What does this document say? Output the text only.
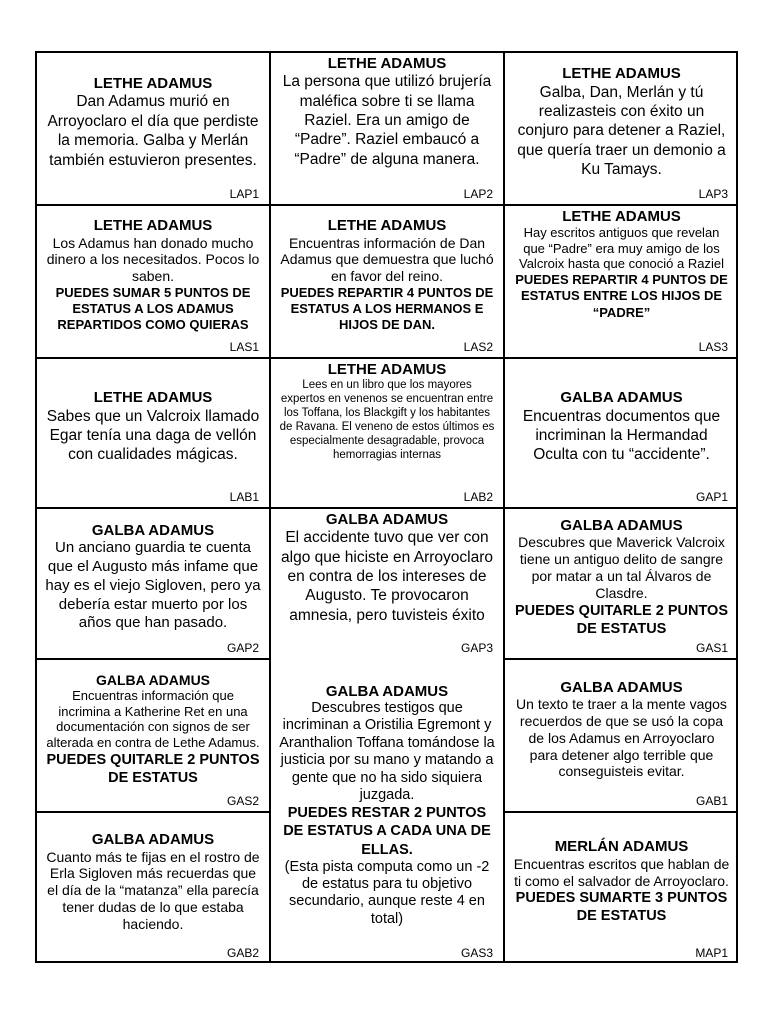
LETHE ADAMUS
Dan Adamus murió en Arroyoclaro el día que perdiste la memoria. Galba y Merlán también estuvieron presentes.
LAP1
LETHE ADAMUS
La persona que utilizó brujería maléfica sobre ti se llama Raziel. Era un amigo de “Padre”. Raziel embaucó a “Padre” de alguna manera.
LAP2
LETHE ADAMUS
Galba, Dan, Merlán y tú realizasteis con éxito un conjuro para detener a Raziel, que quería traer un demonio a Ku Tamays.
LAP3
LETHE ADAMUS
Los Adamus han donado mucho dinero a los necesitados. Pocos lo saben.
PUEDES SUMAR 5 PUNTOS DE ESTATUS A LOS ADAMUS REPARTIDOS COMO QUIERAS
LAS1
LETHE ADAMUS
Encuentras información de Dan Adamus que demuestra que luchó en favor del reino.
PUEDES REPARTIR 4 PUNTOS DE ESTATUS A LOS HERMANOS E HIJOS DE DAN.
LAS2
LETHE ADAMUS
Hay escritos antiguos que revelan que “Padre” era muy amigo de los Valcroix hasta que conoció a Raziel
PUEDES REPARTIR 4 PUNTOS DE ESTATUS ENTRE LOS HIJOS DE “PADRE”
LAS3
LETHE ADAMUS
Sabes que un Valcroix llamado Egar tenía una daga de vellón con cualidades mágicas.
LAB1
LETHE ADAMUS
Lees en un libro que los mayores expertos en venenos se encuentran entre los Toffana, los Blackgift y los habitantes de Ravana. El veneno de estos últimos es especialmente desagradable, provoca hemorragias internas
LAB2
GALBA ADAMUS
Encuentras documentos que incriminan la Hermandad Oculta con tu “accidente”.
GAP1
GALBA ADAMUS
Un anciano guardia te cuenta que el Augusto más infame que hay es el viejo Sigloven, pero ya debería estar muerto por los años que han pasado.
GAP2
GALBA ADAMUS
El accidente tuvo que ver con algo que hiciste en Arroyoclaro en contra de los intereses de Augusto. Te provocaron amnesia, pero tuvisteis éxito
GAP3
GALBA ADAMUS
Descubres que Maverick Valcroix tiene un antiguo delito de sangre por matar a un tal Álvaros de Clasdre.
PUEDES QUITARLE 2 PUNTOS DE ESTATUS
GAS1
GALBA ADAMUS
Encuentras información que incrimina a Katherine Ret en una documentación con signos de ser alterada en contra de Lethe Adamus.
PUEDES QUITARLE 2 PUNTOS DE ESTATUS
GAS2
GALBA ADAMUS
Descubres testigos que incriminan a Oristilia Egremont y Aranthalion Toffana tomándose la justicia por su mano y matando a gente que no ha sido siquiera juzgada.
PUEDES RESTAR 2 PUNTOS DE ESTATUS A CADA UNA DE ELLAS.
(Esta pista computa como un -2 de estatus para tu objetivo secundario, aunque reste 4 en total)
GAS3
GALBA ADAMUS
Un texto te traer a la mente vagos recuerdos de que se usó la copa de los Adamus en Arroyoclaro para detener algo terrible que conseguisteis evitar.
GAB1
GALBA ADAMUS
Cuanto más te fijas en el rostro de Erla Sigloven más recuerdas que el día de la “matanza” ella parecía tener dudas de lo que estaba haciendo.
GAB2
MERLÁN ADAMUS
Encuentras escritos que hablan de ti como el salvador de Arroyoclaro.
PUEDES SUMARTE 3 PUNTOS DE ESTATUS
MAP1
